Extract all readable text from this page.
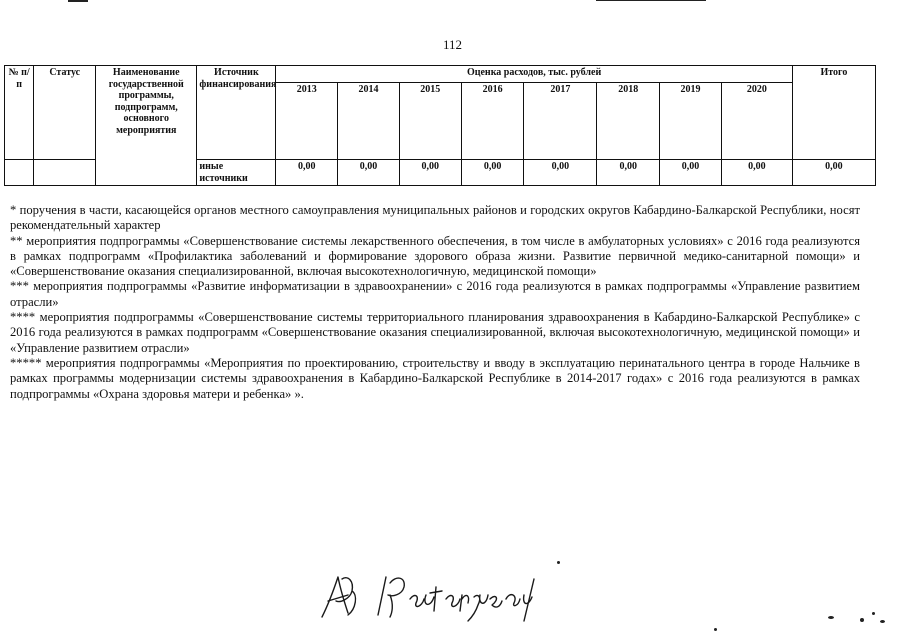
112
№ п/п	Статус	Наименование государственной программы, подпрограмм, основного мероприятия	Источник финансирования	Оценка расходов, тыс. рублей								Итого
				2013	2014	2015	2016	2017	2018	2019	2020	
			иные источники	0,00	0,00	0,00	0,00	0,00	0,00	0,00	0,00	0,00

* поручения в части, касающейся органов местного самоуправления муниципальных районов и городских округов Кабардино-Балкарской Республики, носят рекомендательный характер

** мероприятия подпрограммы «Совершенствование системы лекарственного обеспечения, в том числе в амбулаторных условиях» с 2016 года реализуются в рамках подпрограмм «Профилактика заболеваний и формирование здорового образа жизни. Развитие первичной медико-санитарной помощи» и «Совершенствование оказания специализированной, включая высокотехнологичную, медицинской помощи»

*** мероприятия подпрограммы «Развитие информатизации в здравоохранении» с 2016 года реализуются в рамках подпрограммы «Управление развитием отрасли»

**** мероприятия подпрограммы «Совершенствование системы территориального планирования здравоохранения в Кабардино-Балкарской Республике» с 2016 года реализуются в рамках подпрограмм «Совершенствование оказания специализированной, включая высокотехнологичную, медицинской помощи» и «Управление развитием отрасли»

***** мероприятия подпрограммы «Мероприятия по проектированию, строительству и вводу в эксплуатацию перинатального центра в городе Нальчике в рамках программы модернизации системы здравоохранения в Кабардино-Балкарской Республике в 2014-2017 годах» с 2016 года реализуются в рамках подпрограммы «Охрана здоровья матери и ребенка» ».
